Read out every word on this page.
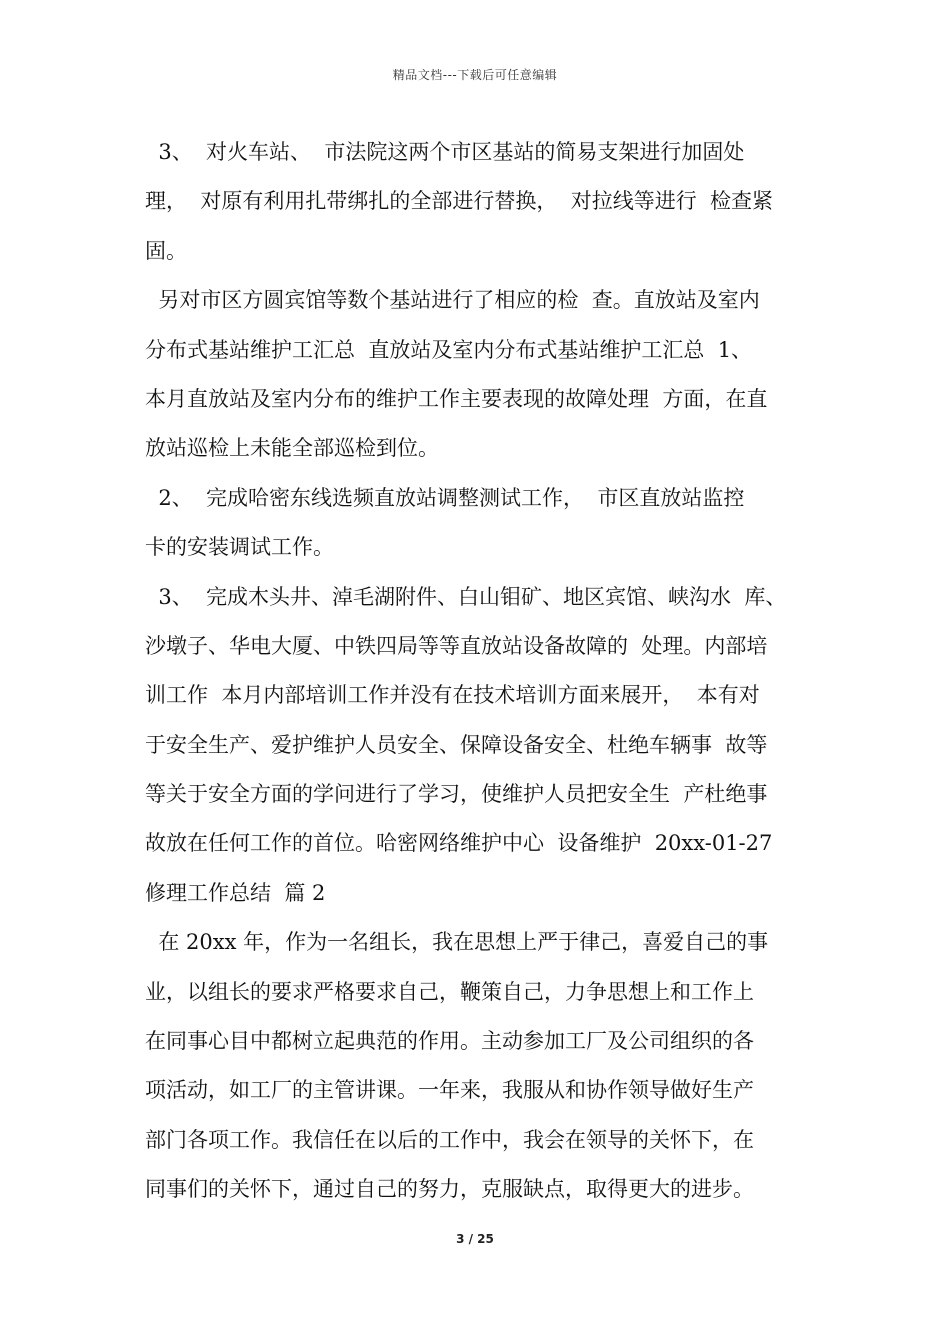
精品文档---下载后可任意编辑
3、  对火车站、  市法院这两个市区基站的简易支架进行加固处
理，  对原有利用扎带绑扎的全部进行替换，  对拉线等进行  检查紧
固。
另对市区方圆宾馆等数个基站进行了相应的检  查。直放站及室内
分布式基站维护工汇总  直放站及室内分布式基站维护工汇总  1、
本月直放站及室内分布的维护工作主要表现的故障处理  方面，在直
放站巡检上未能全部巡检到位。
2、  完成哈密东线选频直放站调整测试工作，  市区直放站监控
卡的安装调试工作。
3、  完成木头井、淖毛湖附件、白山钼矿、地区宾馆、峡沟水  库、
沙墩子、华电大厦、中铁四局等等直放站设备故障的  处理。内部培
训工作  本月内部培训工作并没有在技术培训方面来展开，  本有对
于安全生产、爱护维护人员安全、保障设备安全、杜绝车辆事  故等
等关于安全方面的学问进行了学习，使维护人员把安全生  产杜绝事
故放在任何工作的首位。哈密网络维护中心  设备维护  20xx-01-27
修理工作总结  篇 2
在 20xx 年，作为一名组长，我在思想上严于律己，喜爱自己的事
业，以组长的要求严格要求自己，鞭策自己，力争思想上和工作上
在同事心目中都树立起典范的作用。主动参加工厂及公司组织的各
项活动，如工厂的主管讲课。一年来，我服从和协作领导做好生产
部门各项工作。我信任在以后的工作中，我会在领导的关怀下，在
同事们的关怀下，通过自己的努力，克服缺点，取得更大的进步。
3 / 25
